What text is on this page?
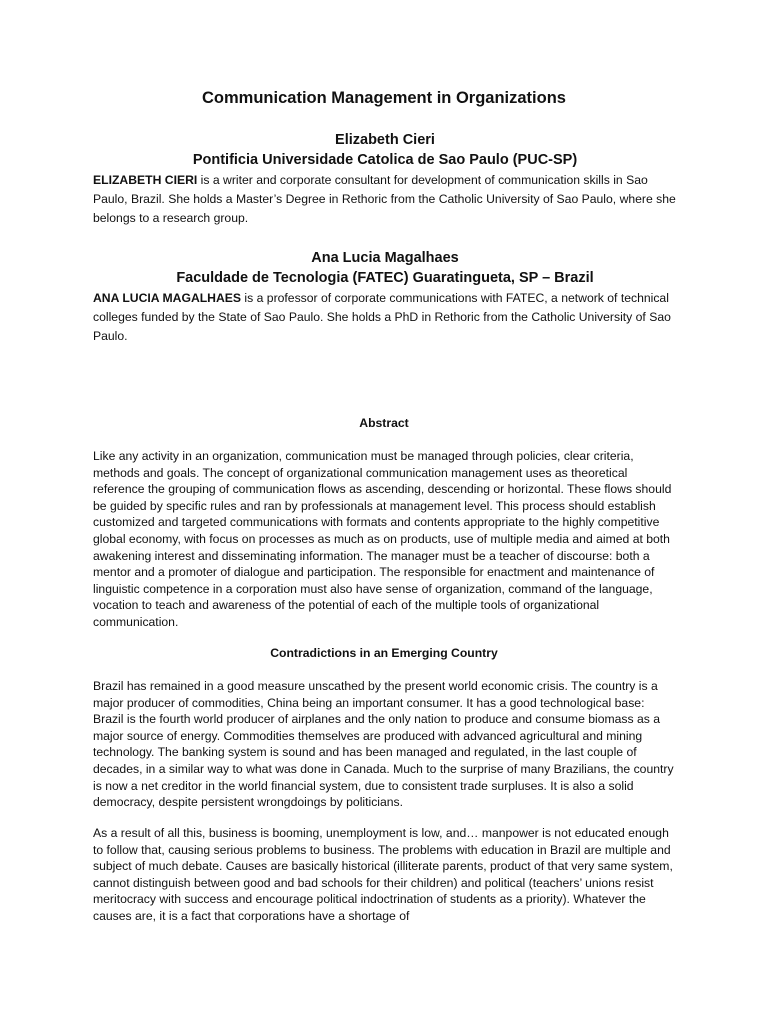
Communication Management in Organizations
Elizabeth Cieri
Pontificia Universidade Catolica de Sao Paulo (PUC-SP)
ELIZABETH CIERI is a writer and corporate consultant for development of communication skills in Sao Paulo, Brazil. She holds a Master’s Degree in Rethoric from the Catholic University of Sao Paulo, where she belongs to a research group.
Ana Lucia Magalhaes
Faculdade de Tecnologia (FATEC) Guaratingueta, SP – Brazil
ANA LUCIA MAGALHAES is a professor of corporate communications with FATEC, a network of technical colleges funded by the State of Sao Paulo. She holds a PhD in Rethoric from the Catholic University of Sao Paulo.
Abstract
Like any activity in an organization, communication must be managed through policies, clear criteria, methods and goals. The concept of organizational communication management uses as theoretical reference the grouping of communication flows as ascending, descending or horizontal. These flows should be guided by specific rules and ran by professionals at management level. This process should establish customized and targeted communications with formats and contents appropriate to the highly competitive global economy, with focus on processes as much as on products, use of multiple media and aimed at both awakening interest and disseminating information. The manager must be a teacher of discourse: both a mentor and a promoter of dialogue and participation. The responsible for enactment and maintenance of linguistic competence in a corporation must also have sense of organization, command of the language, vocation to teach and awareness of the potential of each of the multiple tools of organizational communication.
Contradictions in an Emerging Country
Brazil has remained in a good measure unscathed by the present world economic crisis. The country is a major producer of commodities, China being an important consumer. It has a good technological base: Brazil is the fourth world producer of airplanes and the only nation to produce and consume biomass as a major source of energy. Commodities themselves are produced with advanced agricultural and mining technology. The banking system is sound and has been managed and regulated, in the last couple of decades, in a similar way to what was done in Canada. Much to the surprise of many Brazilians, the country is now a net creditor in the world financial system, due to consistent trade surpluses. It is also a solid democracy, despite persistent wrongdoings by politicians.
As a result of all this, business is booming, unemployment is low, and… manpower is not educated enough to follow that, causing serious problems to business. The problems with education in Brazil are multiple and subject of much debate. Causes are basically historical (illiterate parents, product of that very same system, cannot distinguish between good and bad schools for their children) and political (teachers’ unions resist meritocracy with success and encourage political indoctrination of students as a priority). Whatever the causes are, it is a fact that corporations have a shortage of
